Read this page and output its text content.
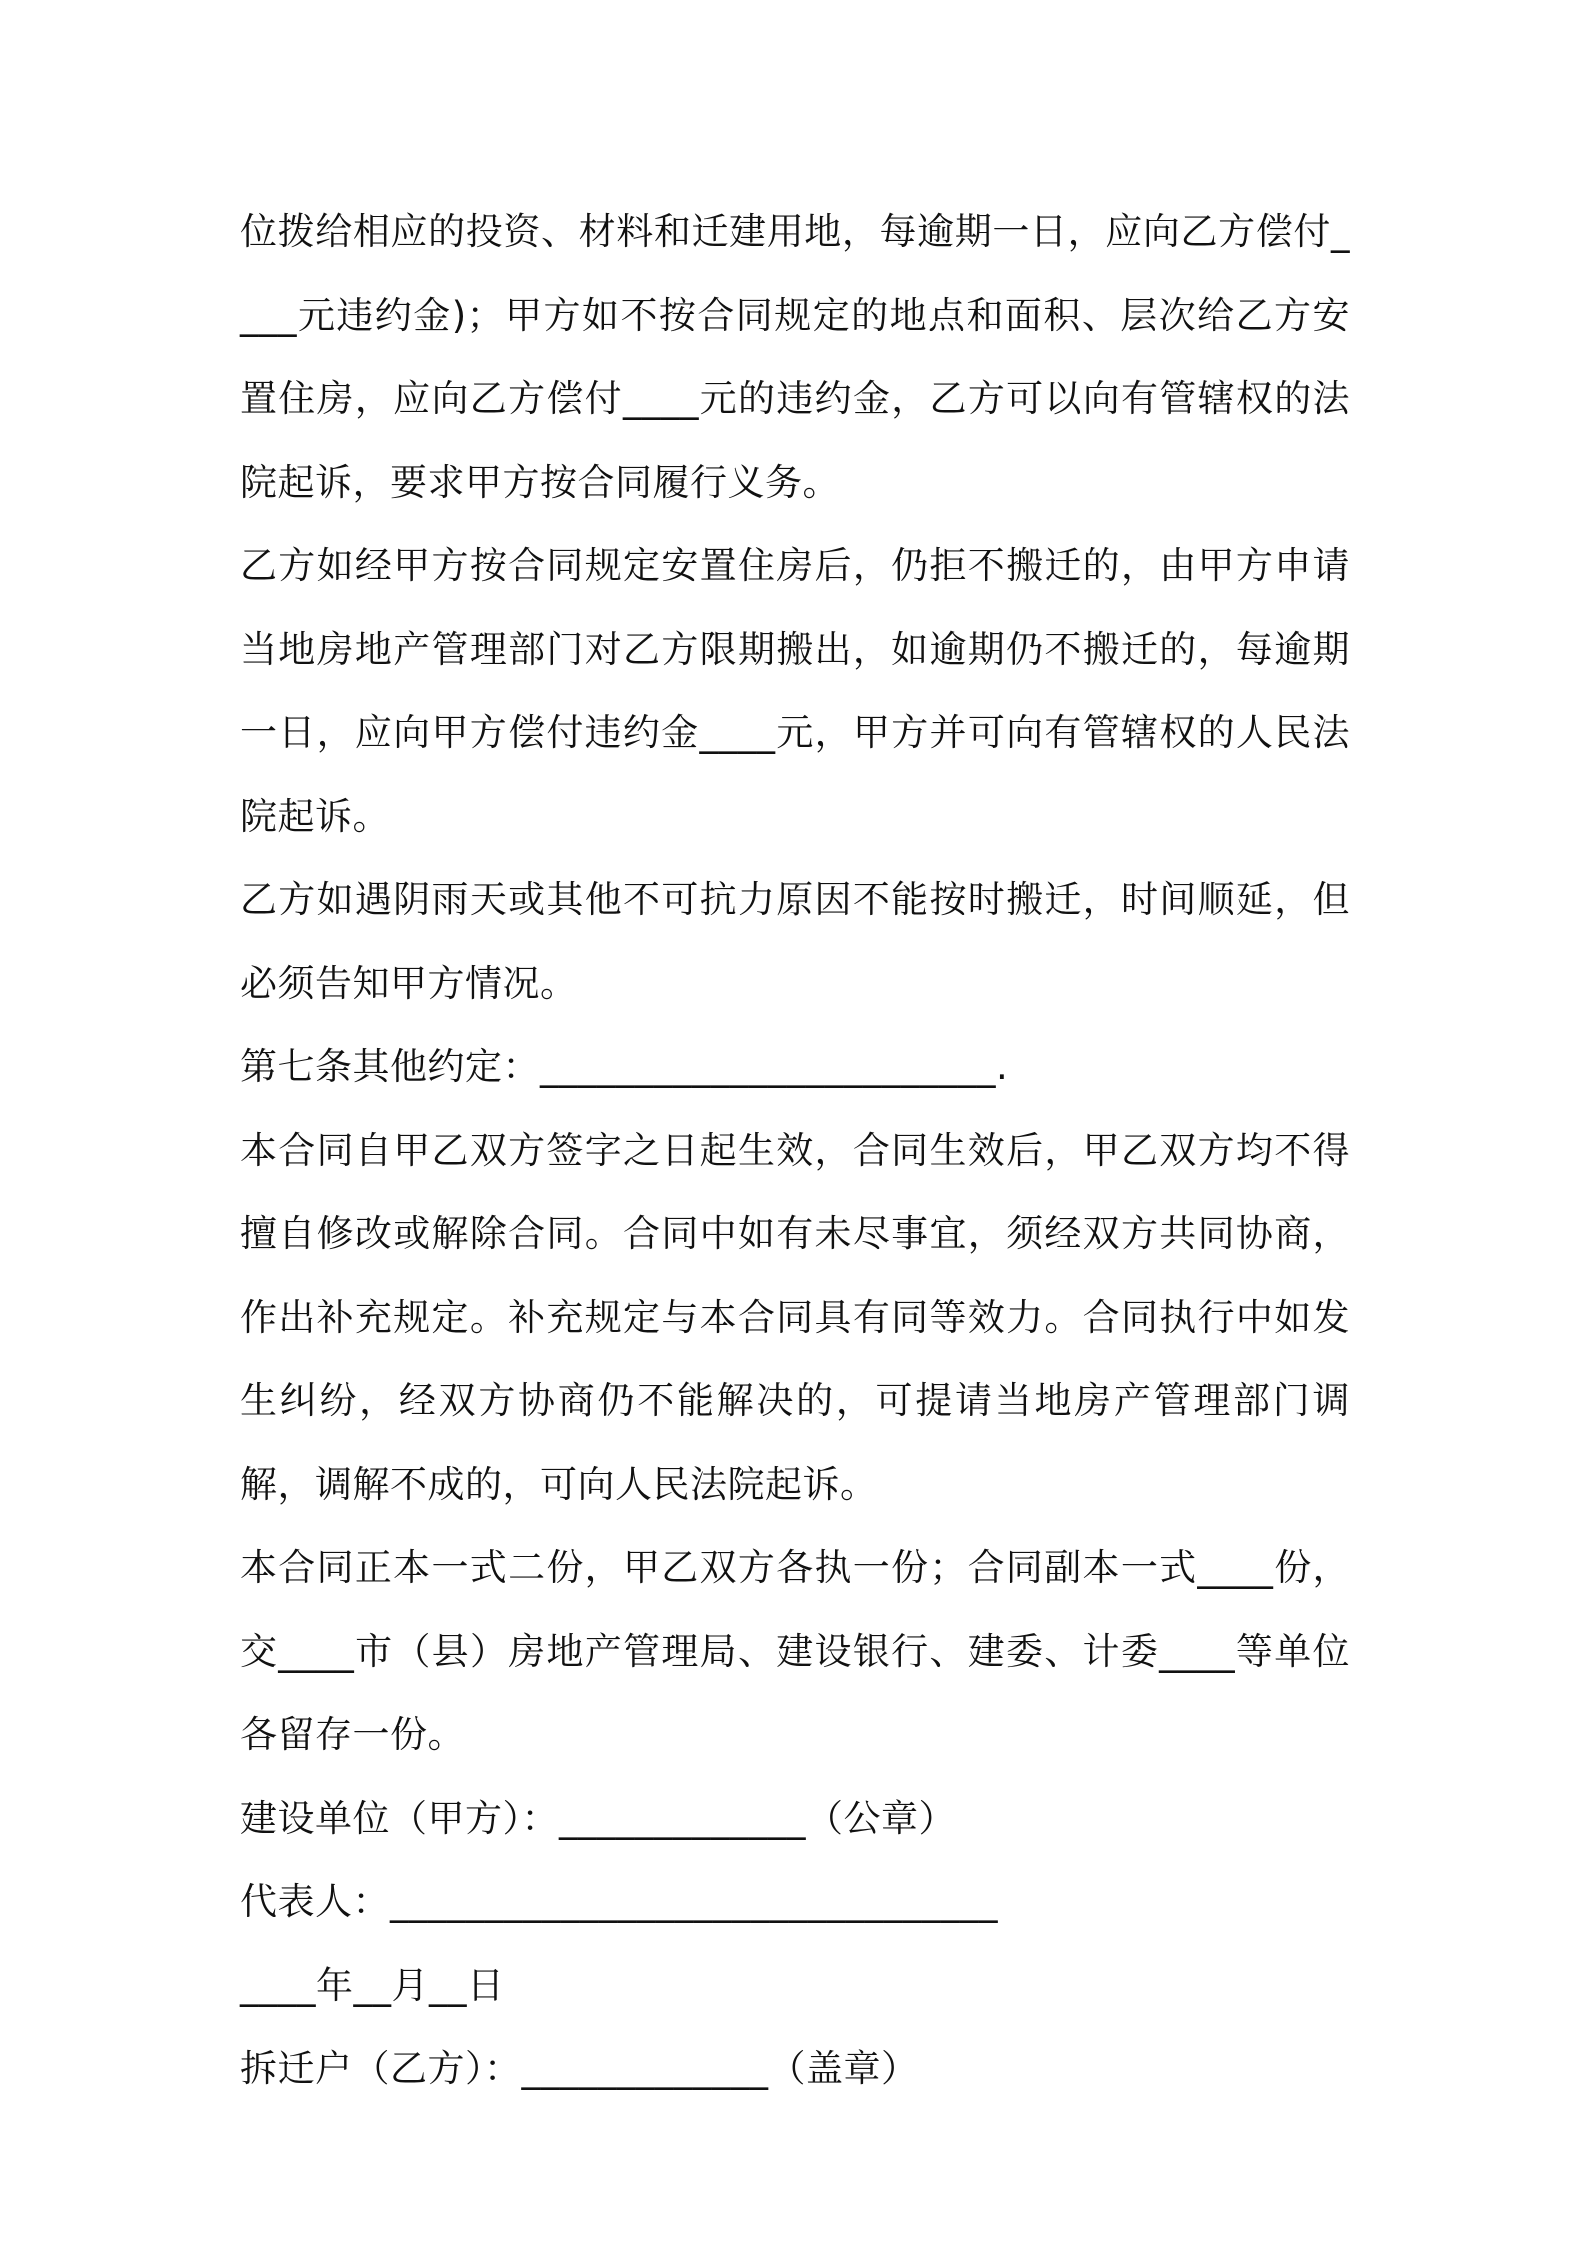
位拨给相应的投资、材料和迁建用地，每逾期一日，应向乙方偿付____元违约金)；甲方如不按合同规定的地点和面积、层次给乙方安置住房，应向乙方偿付____元的违约金，乙方可以向有管辖权的法院起诉，要求甲方按合同履行义务。

乙方如经甲方按合同规定安置住房后，仍拒不搬迁的，由甲方申请当地房地产管理部门对乙方限期搬出，如逾期仍不搬迁的，每逾期一日，应向甲方偿付违约金____元，甲方并可向有管辖权的人民法院起诉。

乙方如遇阴雨天或其他不可抗力原因不能按时搬迁，时间顺延，但必须告知甲方情况。

第七条其他约定：________________________.

本合同自甲乙双方签字之日起生效，合同生效后，甲乙双方均不得擅自修改或解除合同。合同中如有未尽事宜，须经双方共同协商，作出补充规定。补充规定与本合同具有同等效力。合同执行中如发生纠纷，经双方协商仍不能解决的，可提请当地房产管理部门调解，调解不成的，可向人民法院起诉。

本合同正本一式二份，甲乙双方各执一份；合同副本一式____份，交____市（县）房地产管理局、建设银行、建委、计委____等单位各留存一份。

建设单位（甲方）：_____________（公章）

代表人：________________________________

____年__月__日

拆迁户（乙方）：_____________（盖章）
